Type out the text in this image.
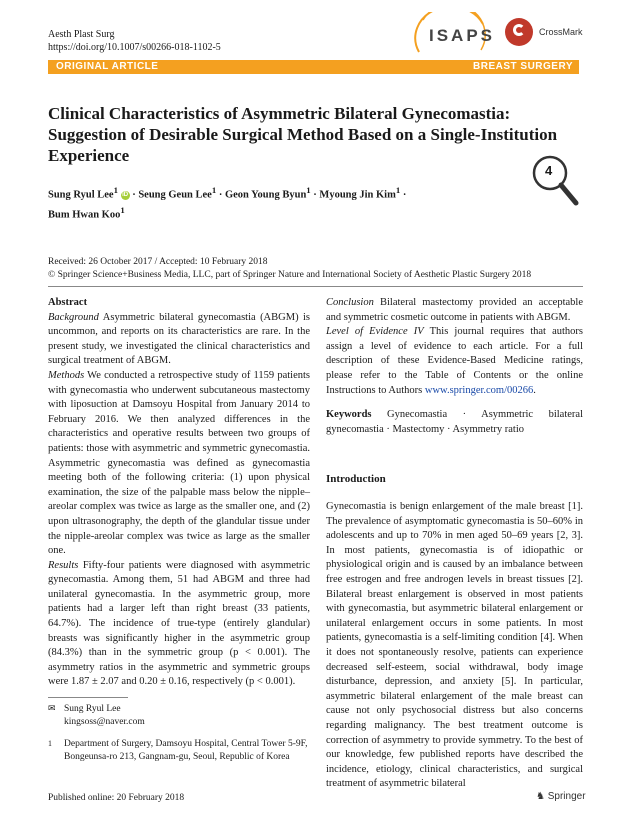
Aesth Plast Surg
https://doi.org/10.1007/s00266-018-1102-5
ISAPS	CrossMark
ORIGINAL ARTICLE	BREAST SURGERY
Clinical Characteristics of Asymmetric Bilateral Gynecomastia: Suggestion of Desirable Surgical Method Based on a Single-Institution Experience
Sung Ryul Lee$^1$ iD · Seung Geun Lee$^1$ · Geon Young Byun$^1$ · Myoung Jin Kim$^1$ ·
Bum Hwan Koo$^1$
4
Received: 26 October 2017 / Accepted: 10 February 2018
© Springer Science+Business Media, LLC, part of Springer Nature and International Society of Aesthetic Plastic Surgery 2018

Abstract

Background Asymmetric bilateral gynecomastia (ABGM) is uncommon, and reports on its characteristics are rare. In the present study, we investigated the clinical characteristics and surgical treatment of ABGM.

Methods We conducted a retrospective study of 1159 patients with gynecomastia who underwent subcutaneous mastectomy with liposuction at Damsoyu Hospital from January 2014 to February 2016. We then analyzed differences in the characteristics and operative results between two groups of patients: those with asymmetric and symmetric gynecomastia. Asymmetric gynecomastia was defined as gynecomastia meeting both of the following criteria: (1) upon physical examination, the size of the palpable mass below the nipple–areolar complex was twice as large as the smaller one, and (2) upon ultrasonography, the depth of the glandular tissue under the nipple-areolar complex was twice as large as the smaller one.

Results Fifty-four patients were diagnosed with asymmetric gynecomastia. Among them, 51 had ABGM and three had unilateral gynecomastia. In the asymmetric group, more patients had a larger left than right breast (33 patients, 64.7%). The incidence of true-type (entirely glandular) breasts was significantly higher in the asymmetric group (84.3%) than in the symmetric group (p < 0.001). The asymmetry ratios in the asymmetric and symmetric groups were 1.87 ± 2.07 and 0.20 ± 0.16, respectively (p < 0.001).

Conclusion Bilateral mastectomy provided an acceptable and symmetric cosmetic outcome in patients with ABGM.

Level of Evidence IV This journal requires that authors assign a level of evidence to each article. For a full description of these Evidence-Based Medicine ratings, please refer to the Table of Contents or the online Instructions to Authors www.springer.com/00266.

Keywords Gynecomastia · Asymmetric bilateral gynecomastia · Mastectomy · Asymmetry ratio

Introduction
Gynecomastia is benign enlargement of the male breast [1]. The prevalence of asymptomatic gynecomastia is 50–60% in adolescents and up to 70% in men aged 50–69 years [2, 3]. In most patients, gynecomastia is of idiopathic or physiological origin and is caused by an imbalance between free estrogen and free androgen levels in breast tissues [2]. Bilateral breast enlargement is observed in most patients with gynecomastia, but asymmetric bilateral enlargement or unilateral enlargement occurs in some patients. In most patients, gynecomastia is a self-limiting condition [4]. When it does not spontaneously resolve, patients can experience decreased self-esteem, social withdrawal, body image disturbance, depression, and anxiety [5]. In particular, asymmetric bilateral enlargement of the male breast can cause not only psychosocial distress but also concerns regarding malignancy. The best treatment outcome is correction of asymmetry to provide symmetry. To the best of our knowledge, few published reports have described the incidence, etiology, clinical characteristics, and surgical treatment of asymmetric bilateral
✉ Sung Ryul Lee
kingsoss@naver.com
1 Department of Surgery, Damsoyu Hospital, Central Tower 5-9F, Bongeunsa-ro 213, Gangnam-gu, Seoul, Republic of Korea
Published online: 20 February 2018	♞ Springer
